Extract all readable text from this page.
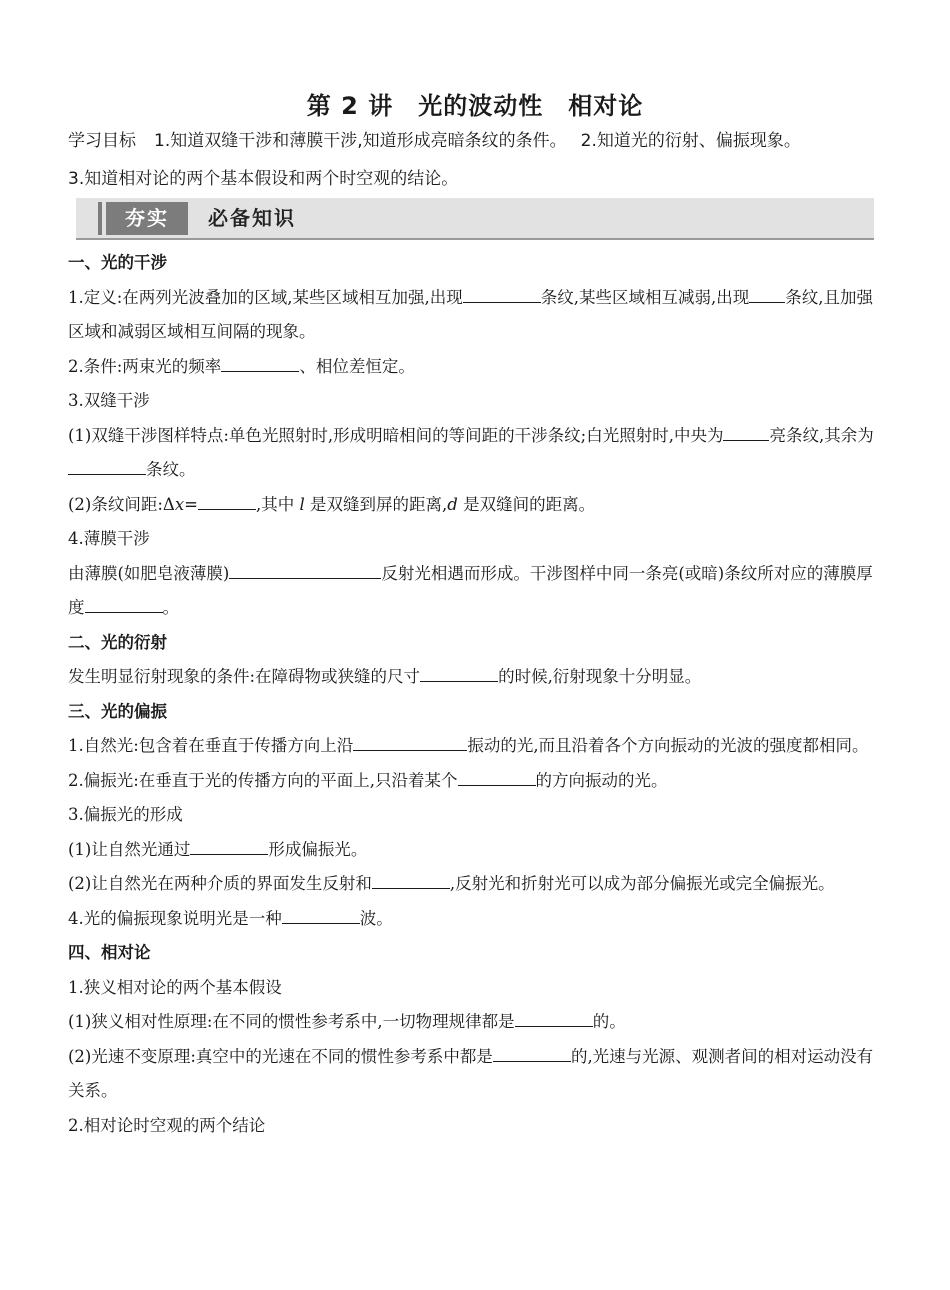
第 2 讲　光的波动性　相对论
学习目标 1.知道双缝干涉和薄膜干涉,知道形成亮暗条纹的条件。 2.知道光的衍射、偏振现象。
3.知道相对论的两个基本假设和两个时空观的结论。
夯实	必备知识
一、光的干涉
1.定义:在两列光波叠加的区域,某些区域相互加强,出现	条纹,某些区域相互减弱,出现 条纹,且加强区域和减弱区域相互间隔的现象。
2.条件:两束光的频率	、相位差恒定。
3.双缝干涉
(1)双缝干涉图样特点:单色光照射时,形成明暗相间的等间距的干涉条纹;白光照射时,中央为	亮条纹,其余为条纹。
(2)条纹间距:Δx=	,其中 l 是双缝到屏的距离,d 是双缝间的距离。
4.薄膜干涉
由薄膜(如肥皂液薄膜)	反射光相遇而形成。干涉图样中同一条亮(或暗)条纹所对应的薄膜厚度	。
二、光的衍射
发生明显衍射现象的条件:在障碍物或狭缝的尺寸	的时候,衍射现象十分明显。
三、光的偏振
1.自然光:包含着在垂直于传播方向上沿	振动的光,而且沿着各个方向振动的光波的强度都相同。
2.偏振光:在垂直于光的传播方向的平面上,只沿着某个	的方向振动的光。
3.偏振光的形成
(1)让自然光通过	形成偏振光。
(2)让自然光在两种介质的界面发生反射和	,反射光和折射光可以成为部分偏振光或完全偏振光。
4.光的偏振现象说明光是一种	波。
四、相对论
1.狭义相对论的两个基本假设
(1)狭义相对性原理:在不同的惯性参考系中,一切物理规律都是	的。
(2)光速不变原理:真空中的光速在不同的惯性参考系中都是	的,光速与光源、观测者间的相对运动没有关系。
2.相对论时空观的两个结论
